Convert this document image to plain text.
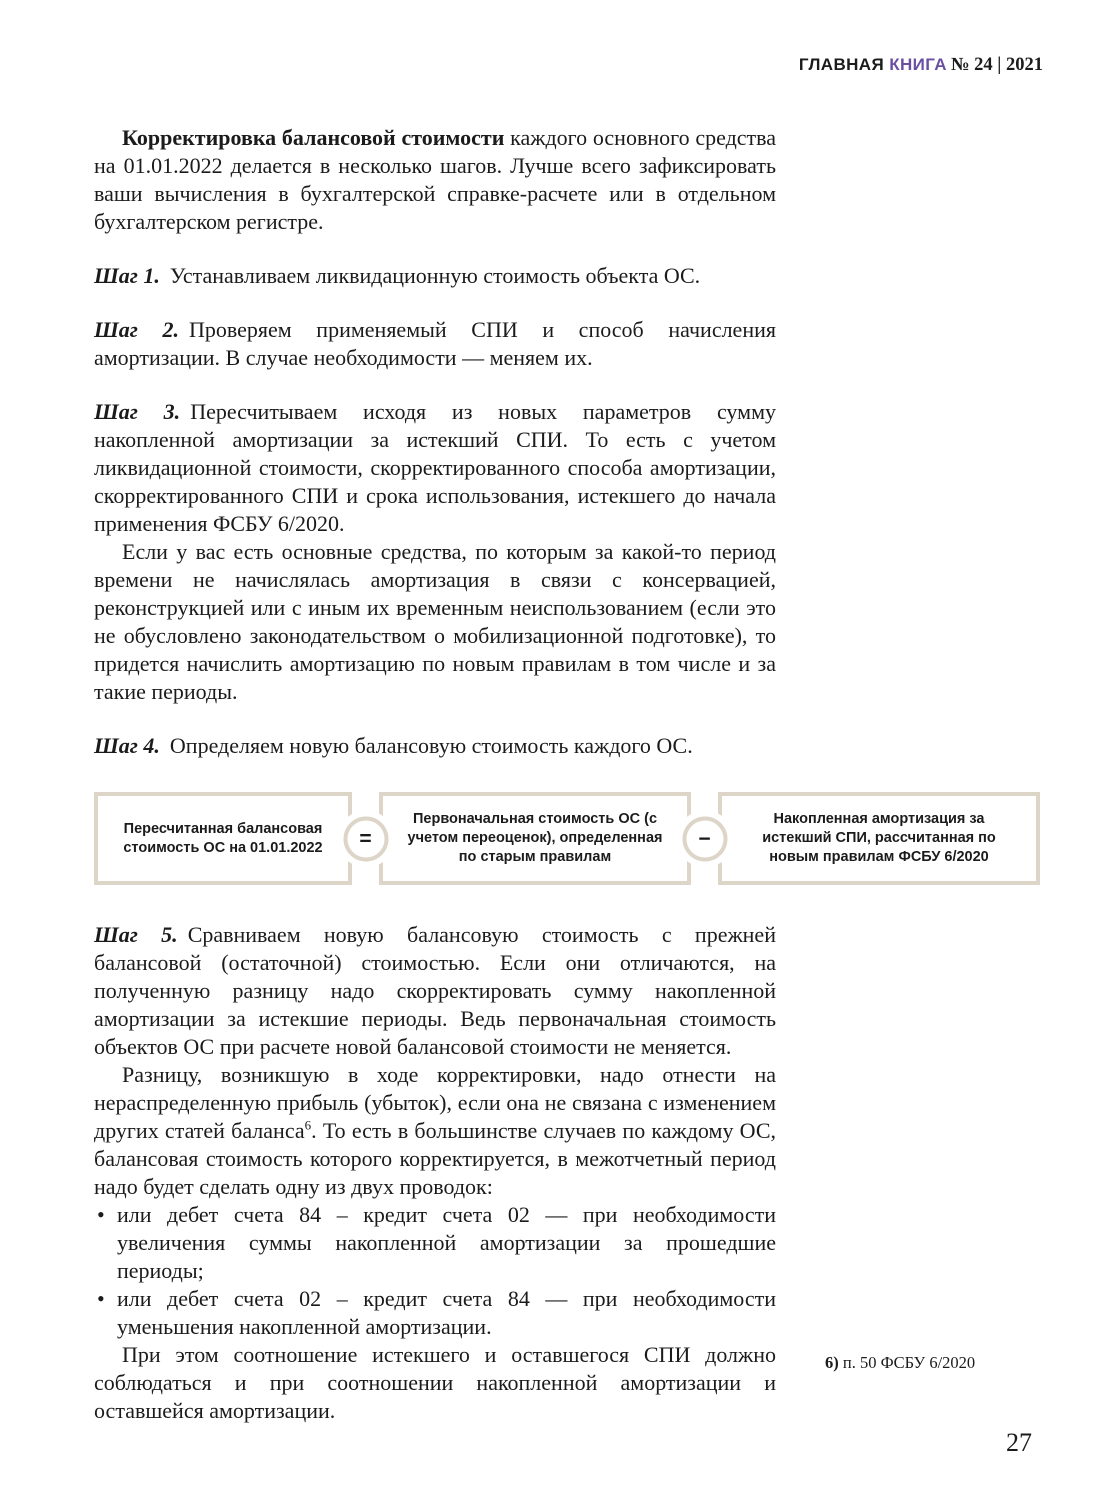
ГЛАВНАЯ КНИГА № 24 | 2021

Корректировка балансовой стоимости каждого основного средства на 01.01.2022 делается в несколько шагов. Лучше всего зафиксировать ваши вычисления в бухгалтерской справке-расчете или в отдельном бухгалтерском регистре.

Шаг 1. Устанавливаем ликвидационную стоимость объекта ОС.

Шаг 2. Проверяем применяемый СПИ и способ начисления амортизации. В случае необходимости — меняем их.

Шаг 3. Пересчитываем исходя из новых параметров сумму накопленной амортизации за истекший СПИ. То есть с учетом ликвидационной стоимости, скорректированного способа амортизации, скорректированного СПИ и срока использования, истекшего до начала применения ФСБУ 6/2020.

Если у вас есть основные средства, по которым за какой-то период времени не начислялась амортизация в связи с консервацией, реконструкцией или с иным их временным неиспользованием (если это не обусловлено законодательством о мобилизационной подготовке), то придется начислить амортизацию по новым правилам в том числе и за такие периоды.

Шаг 4. Определяем новую балансовую стоимость каждого ОС.

Пересчитанная балансовая стоимость ОС на 01.01.2022	=
Первоначальная стоимость ОС (с учетом переоценок), определенная по старым правилам
−
Накопленная амортизация за истекший СПИ, рассчитанная по новым правилам ФСБУ 6/2020

Шаг 5. Сравниваем новую балансовую стоимость с прежней балансовой (остаточной) стоимостью. Если они отличаются, на полученную разницу надо скорректировать сумму накопленной амортизации за истекшие периоды. Ведь первоначальная стоимость объектов ОС при расчете новой балансовой стоимости не меняется.

Разницу, возникшую в ходе корректировки, надо отнести на нераспределенную прибыль (убыток), если она не связана с изменением других статей баланса$^6$. То есть в большинстве случаев по каждому ОС, балансовая стоимость которого корректируется, в межотчетный период надо будет сделать одну из двух проводок:

• или дебет счета 84 – кредит счета 02 — при необходимости увеличения суммы накопленной амортизации за прошедшие периоды;
• или дебет счета 02 – кредит счета 84 — при необходимости уменьшения накопленной амортизации.

При этом соотношение истекшего и оставшегося СПИ должно соблюдаться и при соотношении накопленной амортизации и оставшейся амортизации.

6) п. 50 ФСБУ 6/2020
27
